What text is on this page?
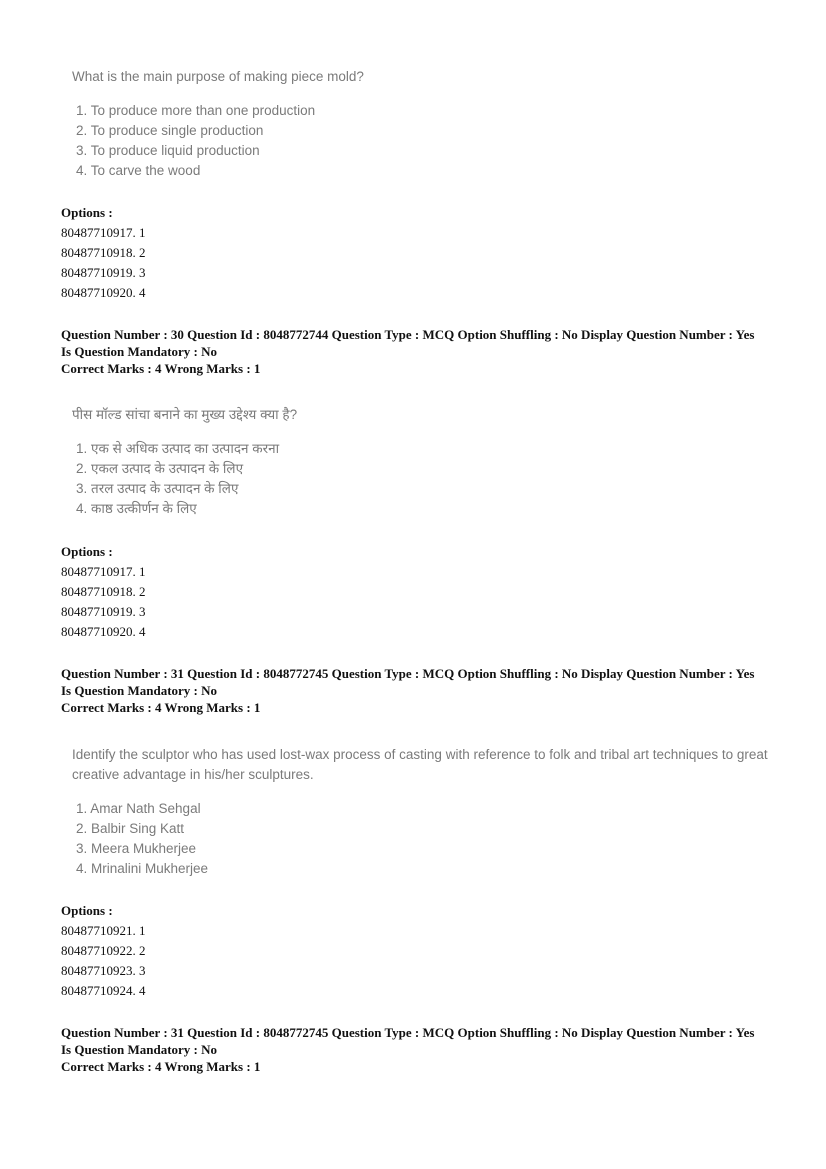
What is the main purpose of making piece mold?
1. To produce more than one production
2. To produce single production
3. To produce liquid production
4. To carve the wood
Options :
80487710917. 1
80487710918. 2
80487710919. 3
80487710920. 4
Question Number : 30 Question Id : 8048772744 Question Type : MCQ Option Shuffling : No Display Question Number : Yes
Is Question Mandatory : No
Correct Marks : 4 Wrong Marks : 1
पीस मॉल्ड सांचा बनाने का मुख्य उद्देश्य क्या है?
1. एक से अधिक उत्पाद का उत्पादन करना
2. एकल उत्पाद के उत्पादन के लिए
3. तरल उत्पाद के उत्पादन के लिए
4. काष्ठ उत्कीर्णन के लिए
Options :
80487710917. 1
80487710918. 2
80487710919. 3
80487710920. 4
Question Number : 31 Question Id : 8048772745 Question Type : MCQ Option Shuffling : No Display Question Number : Yes
Is Question Mandatory : No
Correct Marks : 4 Wrong Marks : 1
Identify the sculptor who has used lost-wax process of casting with reference to folk and tribal art techniques to great
creative advantage in his/her sculptures.
1. Amar Nath Sehgal
2. Balbir Sing Katt
3. Meera Mukherjee
4. Mrinalini Mukherjee
Options :
80487710921. 1
80487710922. 2
80487710923. 3
80487710924. 4
Question Number : 31 Question Id : 8048772745 Question Type : MCQ Option Shuffling : No Display Question Number : Yes
Is Question Mandatory : No
Correct Marks : 4 Wrong Marks : 1
